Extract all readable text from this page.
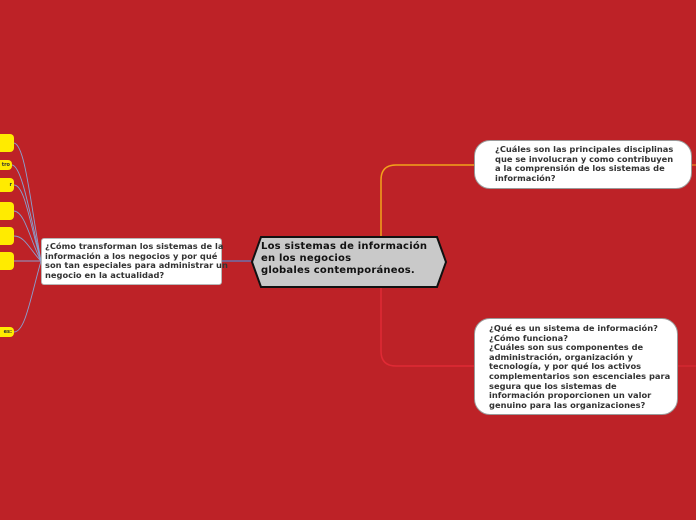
Los sistemas de información
en los negocios
globales contemporáneos.
¿Cómo transforman los sistemas de la
información a los negocios y por qué
son tan especiales para administrar un
negocio en la actualidad?
¿Cuáles son las principales disciplinas
que se involucran y como contribuyen
a la comprensión de los sistemas de
información?
¿Qué es un sistema de información?
¿Cómo funciona?
¿Cuáles son sus componentes de
administración, organización y
tecnología, y por qué los activos
complementarios son escenciales para
segura que los sistemas de
información proporcionen un valor
genuino para las organizaciones?
tro
r
es:
